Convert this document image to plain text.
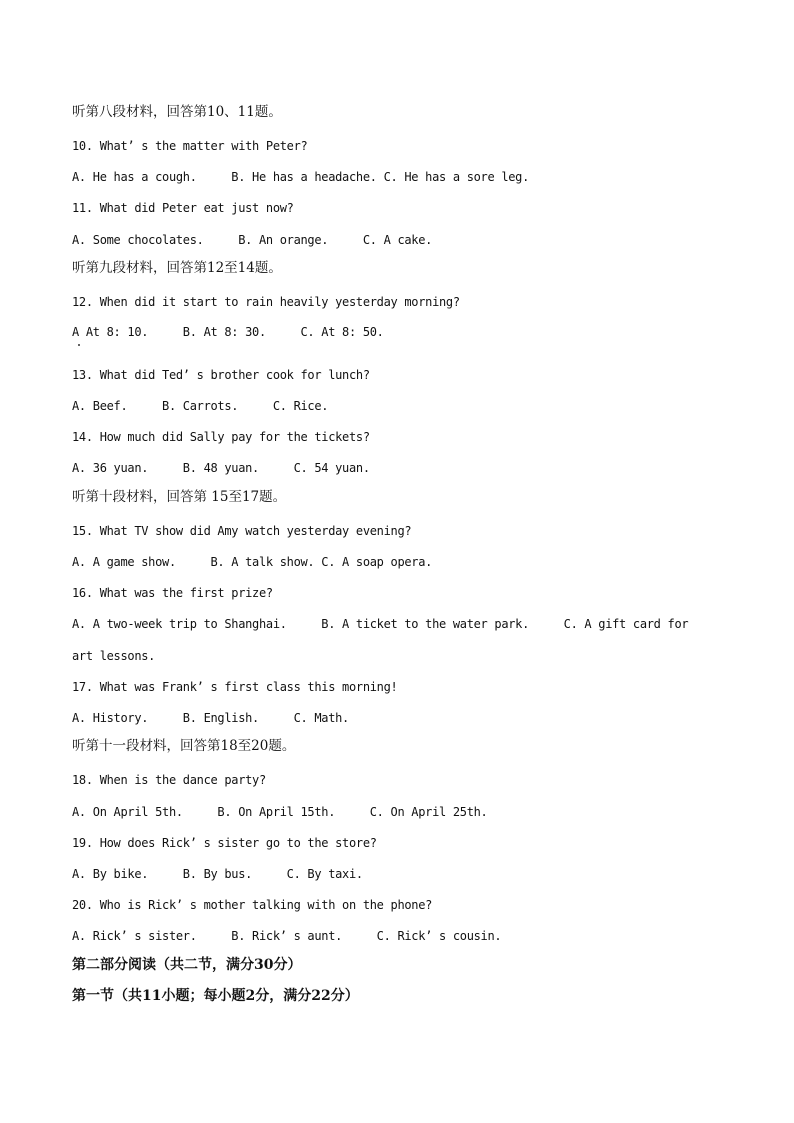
听第八段材料，回答第10、11题。
10. What’ s the matter with Peter?
A. He has a cough.     B. He has a headache. C. He has a sore leg.
11. What did Peter eat just now?
A. Some chocolates.     B. An orange.     C. A cake.
听第九段材料，回答第12至14题。
12. When did it start to rain heavily yesterday morning?
A At 8: 10.     B. At 8: 30.     C. At 8: 50.
13. What did Ted’ s brother cook for lunch?
A. Beef.     B. Carrots.     C. Rice.
14. How much did Sally pay for the tickets?
A. 36 yuan.     B. 48 yuan.     C. 54 yuan.
听第十段材料，回答第 15至17题。
15. What TV show did Amy watch yesterday evening?
A. A game show.     B. A talk show. C. A soap opera.
16. What was the first prize?
A. A two-week trip to Shanghai.     B. A ticket to the water park.     C. A gift card for
art lessons.
17. What was Frank’ s first class this morning!
A. History.     B. English.     C. Math.
听第十一段材料，回答第18至20题。
18. When is the dance party?
A. On April 5th.     B. On April 15th.     C. On April 25th.
19. How does Rick’ s sister go to the store?
A. By bike.     B. By bus.     C. By taxi.
20. Who is Rick’ s mother talking with on the phone?
A. Rick’ s sister.     B. Rick’ s aunt.     C. Rick’ s cousin.
第二部分阅读（共二节，满分30分）
第一节（共11小题；每小题2分，满分22分）
